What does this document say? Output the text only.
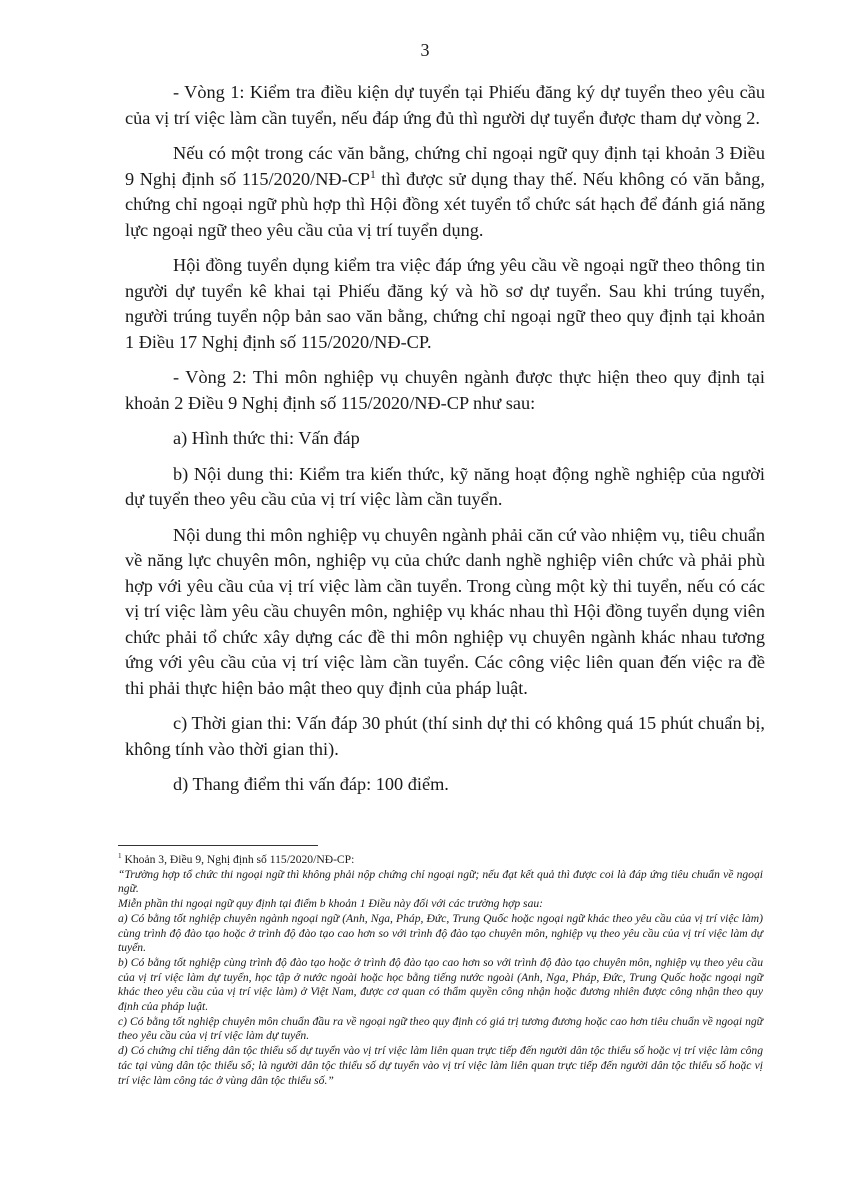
3

- Vòng 1: Kiểm tra điều kiện dự tuyển tại Phiếu đăng ký dự tuyển theo yêu cầu của vị trí việc làm cần tuyển, nếu đáp ứng đủ thì người dự tuyển được tham dự vòng 2.

Nếu có một trong các văn bằng, chứng chỉ ngoại ngữ quy định tại khoản 3 Điều 9 Nghị định số $115/2020/NĐ-CP^1$ thì được sử dụng thay thế. Nếu không có văn bằng, chứng chỉ ngoại ngữ phù hợp thì Hội đồng xét tuyển tổ chức sát hạch để đánh giá năng lực ngoại ngữ theo yêu cầu của vị trí tuyển dụng.

Hội đồng tuyển dụng kiểm tra việc đáp ứng yêu cầu về ngoại ngữ theo thông tin người dự tuyển kê khai tại Phiếu đăng ký và hồ sơ dự tuyển. Sau khi trúng tuyển, người trúng tuyển nộp bản sao văn bằng, chứng chỉ ngoại ngữ theo quy định tại khoản 1 Điều 17 Nghị định số 115/2020/NĐ-CP.

- Vòng 2: Thi môn nghiệp vụ chuyên ngành được thực hiện theo quy định tại khoản 2 Điều 9 Nghị định số 115/2020/NĐ-CP như sau:

a) Hình thức thi: Vấn đáp

b) Nội dung thi: Kiểm tra kiến thức, kỹ năng hoạt động nghề nghiệp của người dự tuyển theo yêu cầu của vị trí việc làm cần tuyển.

Nội dung thi môn nghiệp vụ chuyên ngành phải căn cứ vào nhiệm vụ, tiêu chuẩn về năng lực chuyên môn, nghiệp vụ của chức danh nghề nghiệp viên chức và phải phù hợp với yêu cầu của vị trí việc làm cần tuyển. Trong cùng một kỳ thi tuyển, nếu có các vị trí việc làm yêu cầu chuyên môn, nghiệp vụ khác nhau thì Hội đồng tuyển dụng viên chức phải tổ chức xây dựng các đề thi môn nghiệp vụ chuyên ngành khác nhau tương ứng với yêu cầu của vị trí việc làm cần tuyển. Các công việc liên quan đến việc ra đề thi phải thực hiện bảo mật theo quy định của pháp luật.

c) Thời gian thi: Vấn đáp 30 phút (thí sinh dự thi có không quá 15 phút chuẩn bị, không tính vào thời gian thi).

d) Thang điểm thi vấn đáp: 100 điểm.

$^1$ Khoản 3, Điều 9, Nghị định số 115/2020/NĐ-CP:

“Trường hợp tổ chức thi ngoại ngữ thì không phải nộp chứng chỉ ngoại ngữ; nếu đạt kết quả thì được coi là đáp ứng tiêu chuẩn về ngoại ngữ.

Miễn phần thi ngoại ngữ quy định tại điểm b khoản 1 Điều này đối với các trường hợp sau:

a) Có bằng tốt nghiệp chuyên ngành ngoại ngữ (Anh, Nga, Pháp, Đức, Trung Quốc hoặc ngoại ngữ khác theo yêu cầu của vị trí việc làm) cùng trình độ đào tạo hoặc ở trình độ đào tạo cao hơn so với trình độ đào tạo chuyên môn, nghiệp vụ theo yêu cầu của vị trí việc làm dự tuyển.

b) Có bằng tốt nghiệp cùng trình độ đào tạo hoặc ở trình độ đào tạo cao hơn so với trình độ đào tạo chuyên môn, nghiệp vụ theo yêu cầu của vị trí việc làm dự tuyển, học tập ở nước ngoài hoặc học bằng tiếng nước ngoài (Anh, Nga, Pháp, Đức, Trung Quốc hoặc ngoại ngữ khác theo yêu cầu của vị trí việc làm) ở Việt Nam, được cơ quan có thẩm quyền công nhận hoặc đương nhiên được công nhận theo quy định của pháp luật.

c) Có bằng tốt nghiệp chuyên môn chuẩn đầu ra về ngoại ngữ theo quy định có giá trị tương đương hoặc cao hơn tiêu chuẩn về ngoại ngữ theo yêu cầu của vị trí việc làm dự tuyển.

d) Có chứng chỉ tiếng dân tộc thiểu số dự tuyển vào vị trí việc làm liên quan trực tiếp đến người dân tộc thiểu số hoặc vị trí việc làm công tác tại vùng dân tộc thiểu số; là người dân tộc thiểu số dự tuyển vào vị trí việc làm liên quan trực tiếp đến người dân tộc thiểu số hoặc vị trí việc làm công tác ở vùng dân tộc thiểu số.”
